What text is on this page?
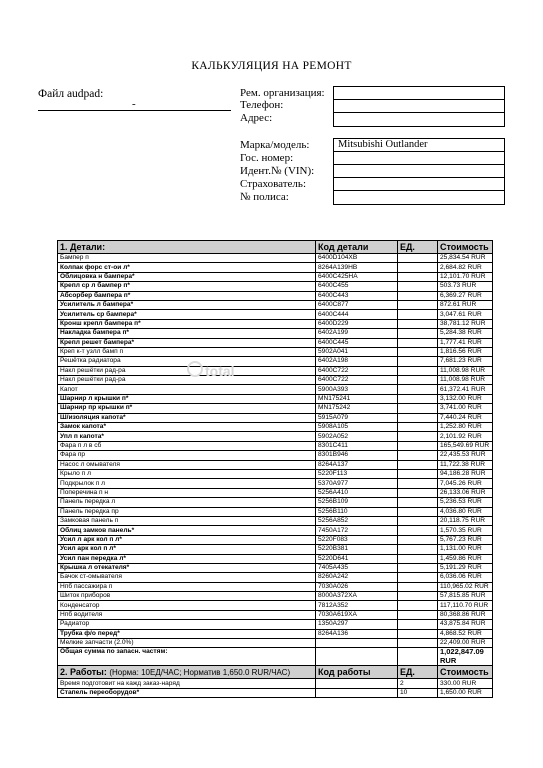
КАЛЬКУЛЯЦИЯ НА РЕМОНТ
Файл audpad:
-
Рем. организация:
Телефон:
Адрес:
Марка/модель:
Гос. номер:
Идент.№ (VIN):
Страхователь:
№ полиса:
Mitsubishi Outlander
1. Детали:	Код детали	ЕД.	Стоимость
Бампер п	6400D104XB		25,834.54 RUR
Колпак форс ст-ои л*	8264A139HB		2,684.82 RUR
Облицовка н бампера*	6400C425HA		12,101.70 RUR
Крепл ср л бампер п*	6400C455		503.73 RUR
Абсорбер бампера п*	6400C443		6,369.27 RUR
Усилитель л бампера*	6400C877		872.61 RUR
Усилитель ср бампера*	6400C444		3,047.61 RUR
Кронш крепл бампера п*	6400D229		38,781.12 RUR
Накладка бампера п*	6402A199		5,284.38 RUR
Крепл решет бампера*	6400C445		1,777.41 RUR
Креп к-т узлл бамп п	5902A041		1,816.56 RUR
Решётка радиатора	6402A198		7,681.23 RUR
Накл решётки рад-ра	6400C722		11,008.98 RUR
Накл решётки рад-ра	6400C722		11,008.98 RUR
Капот	5900A393		61,372.41 RUR
Шарнир л крышки п*	MN175241		3,132.00 RUR
Шарнир пр крышки п*	MN175242		3,741.00 RUR
Ш/изоляция капота*	5915A079		7,440.24 RUR
Замок капота*	5908A105		1,252.80 RUR
Упл п капота*	5902A052		2,101.92 RUR
Фара п л в сб	8301C411		165,549.69 RUR
Фара пр	8301B946		22,435.53 RUR
Насос л омывателя	8264A137		11,722.38 RUR
Крыло п л	5220F113		94,186.28 RUR
Подкрылок п л	5370A977		7,045.26 RUR
Поперечина п н	5256A410		26,133.06 RUR
Панель передка л	5256B109		5,236.53 RUR
Панель передка пр	5256B110		4,036.80 RUR
Замковая панель п	5256A852		20,118.75 RUR
Облиц замков панель*	7450A172		1,570.35 RUR
Усил л арк кол п л*	5220F083		5,767.23 RUR
Усил арк кол п л*	5220B381		1,131.00 RUR
Усил пан передка л*	5220D641		1,459.86 RUR
Крышка л отекателя*	7405A435		5,191.29 RUR
Бачок ст-омывателя	8260A242		6,036.06 RUR
Нпб пассажира п	7030A026		110,965.02 RUR
Шиток приборов	8000A372XA		57,815.85 RUR
Конденсатор	7812A352		117,110.70 RUR
Нпб водителя	7030A619XA		80,368.86 RUR
Радиатор	1350A297		43,875.84 RUR
Трубка ф/о перед*	8264A136		4,868.52 RUR
Мелкие запчасти (2.0%)			22,409.00 RUR
Общая сумма по запасн. частям:			1,022,847.09
RUR

2. Работы: (Норма: 10ЕД/ЧАС; Норматив 1,650.0 RUR/ЧАС)	Код работы	ЕД.	Стоимость
Время подготовит на кажд заказ-наряд		2	330.00 RUR
Стапель переоборудов*		10	1,650.00 RUR
total
